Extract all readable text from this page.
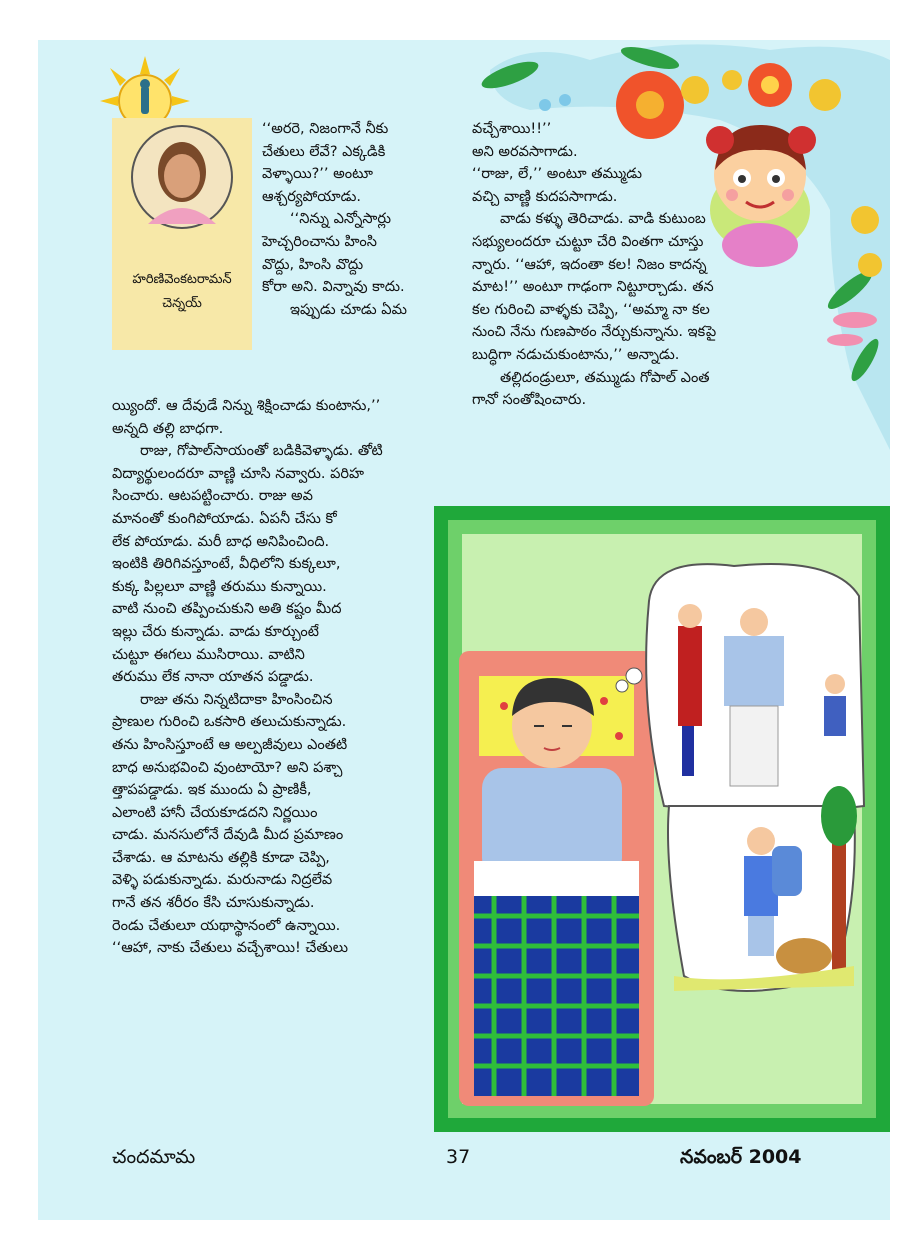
హరిణివెంకటరామన్
చెన్నయ్

‘‘అరరె, నిజంగానే నీకు

చేతులు లేవే? ఎక్కడికి

వెళ్ళాయి?’’ అంటూ

ఆశ్చర్యపోయాడు.

‘‘నిన్ను ఎన్నోసార్లు

హెచ్చరించాను హింసి

వొద్దు, హింసి వొద్దు

కోరా అని. విన్నావు కాదు.

ఇప్పుడు చూడు ఏమ

య్యిందో. ఆ దేవుడే నిన్ను శిక్షించాడు కుంటాను,’’

అన్నది తల్లి బాధగా.

రాజు, గోపాల్‌సాయంతో బడికివెళ్ళాడు. తోటి

విద్యార్థులందరూ వాణ్ణి చూసి నవ్వారు. పరిహ

సించారు. ఆటపట్టించారు. రాజు అవ

మానంతో కుంగిపోయాడు. ఏపనీ చేసు కో

లేక పోయాడు. మరీ బాధ అనిపించింది.

ఇంటికి తిరిగివస్తూంటే, వీధిలోని కుక్కలూ,

కుక్క పిల్లలూ వాణ్ణి తరుము కున్నాయి.

వాటి నుంచి తప్పించుకుని అతి కష్టం మీద

ఇల్లు చేరు కున్నాడు. వాడు కూర్చుంటే

చుట్టూ ఈగలు ముసిరాయి. వాటిని

తరుము లేక నానా యాతన పడ్డాడు.

రాజు తను నిన్నటిదాకా హింసించిన

ప్రాణుల గురించి ఒకసారి తలుచుకున్నాడు.

తను హింసిస్తూంటే ఆ అల్పజీవులు ఎంతటి

బాధ అనుభవించి వుంటాయో? అని పశ్చా

త్తాపపడ్డాడు. ఇక ముందు ఏ ప్రాణికీ,

ఎలాంటి హానీ చేయకూడదని నిర్ణయిం

చాడు. మనసులోనే దేవుడి మీద ప్రమాణం

చేశాడు. ఆ మాటను తల్లికి కూడా చెప్పి,

వెళ్ళి పడుకున్నాడు. మరునాడు నిద్రలేవ

గానే తన శరీరం కేసి చూసుకున్నాడు.

రెండు చేతులూ యథాస్థానంలో ఉన్నాయి.

‘‘ఆహా, నాకు చేతులు వచ్చేశాయి! చేతులు

వచ్చేశాయి!!’’

అని అరవసాగాడు.

‘‘రాజు, లే,’’ అంటూ తమ్ముడు

వచ్చి వాణ్ణి కుదపసాగాడు.

వాడు కళ్ళు తెరిచాడు. వాడి కుటుంబ

సభ్యులందరూ చుట్టూ చేరి వింతగా చూస్తు

న్నారు. ‘‘ఆహా, ఇదంతా కల! నిజం కాదన్న

మాట!’’ అంటూ గాఢంగా నిట్టూర్చాడు. తన

కల గురించి వాళ్ళకు చెప్పి, ‘‘అమ్మా నా కల

నుంచి నేను గుణపాఠం నేర్చుకున్నాను. ఇకపై

బుద్ధిగా నడుచుకుంటాను,’’ అన్నాడు.

తల్లిదండ్రులూ, తమ్ముడు గోపాల్ ఎంత

గానో సంతోషించారు.

చందమామ	37	నవంబర్ 2004
